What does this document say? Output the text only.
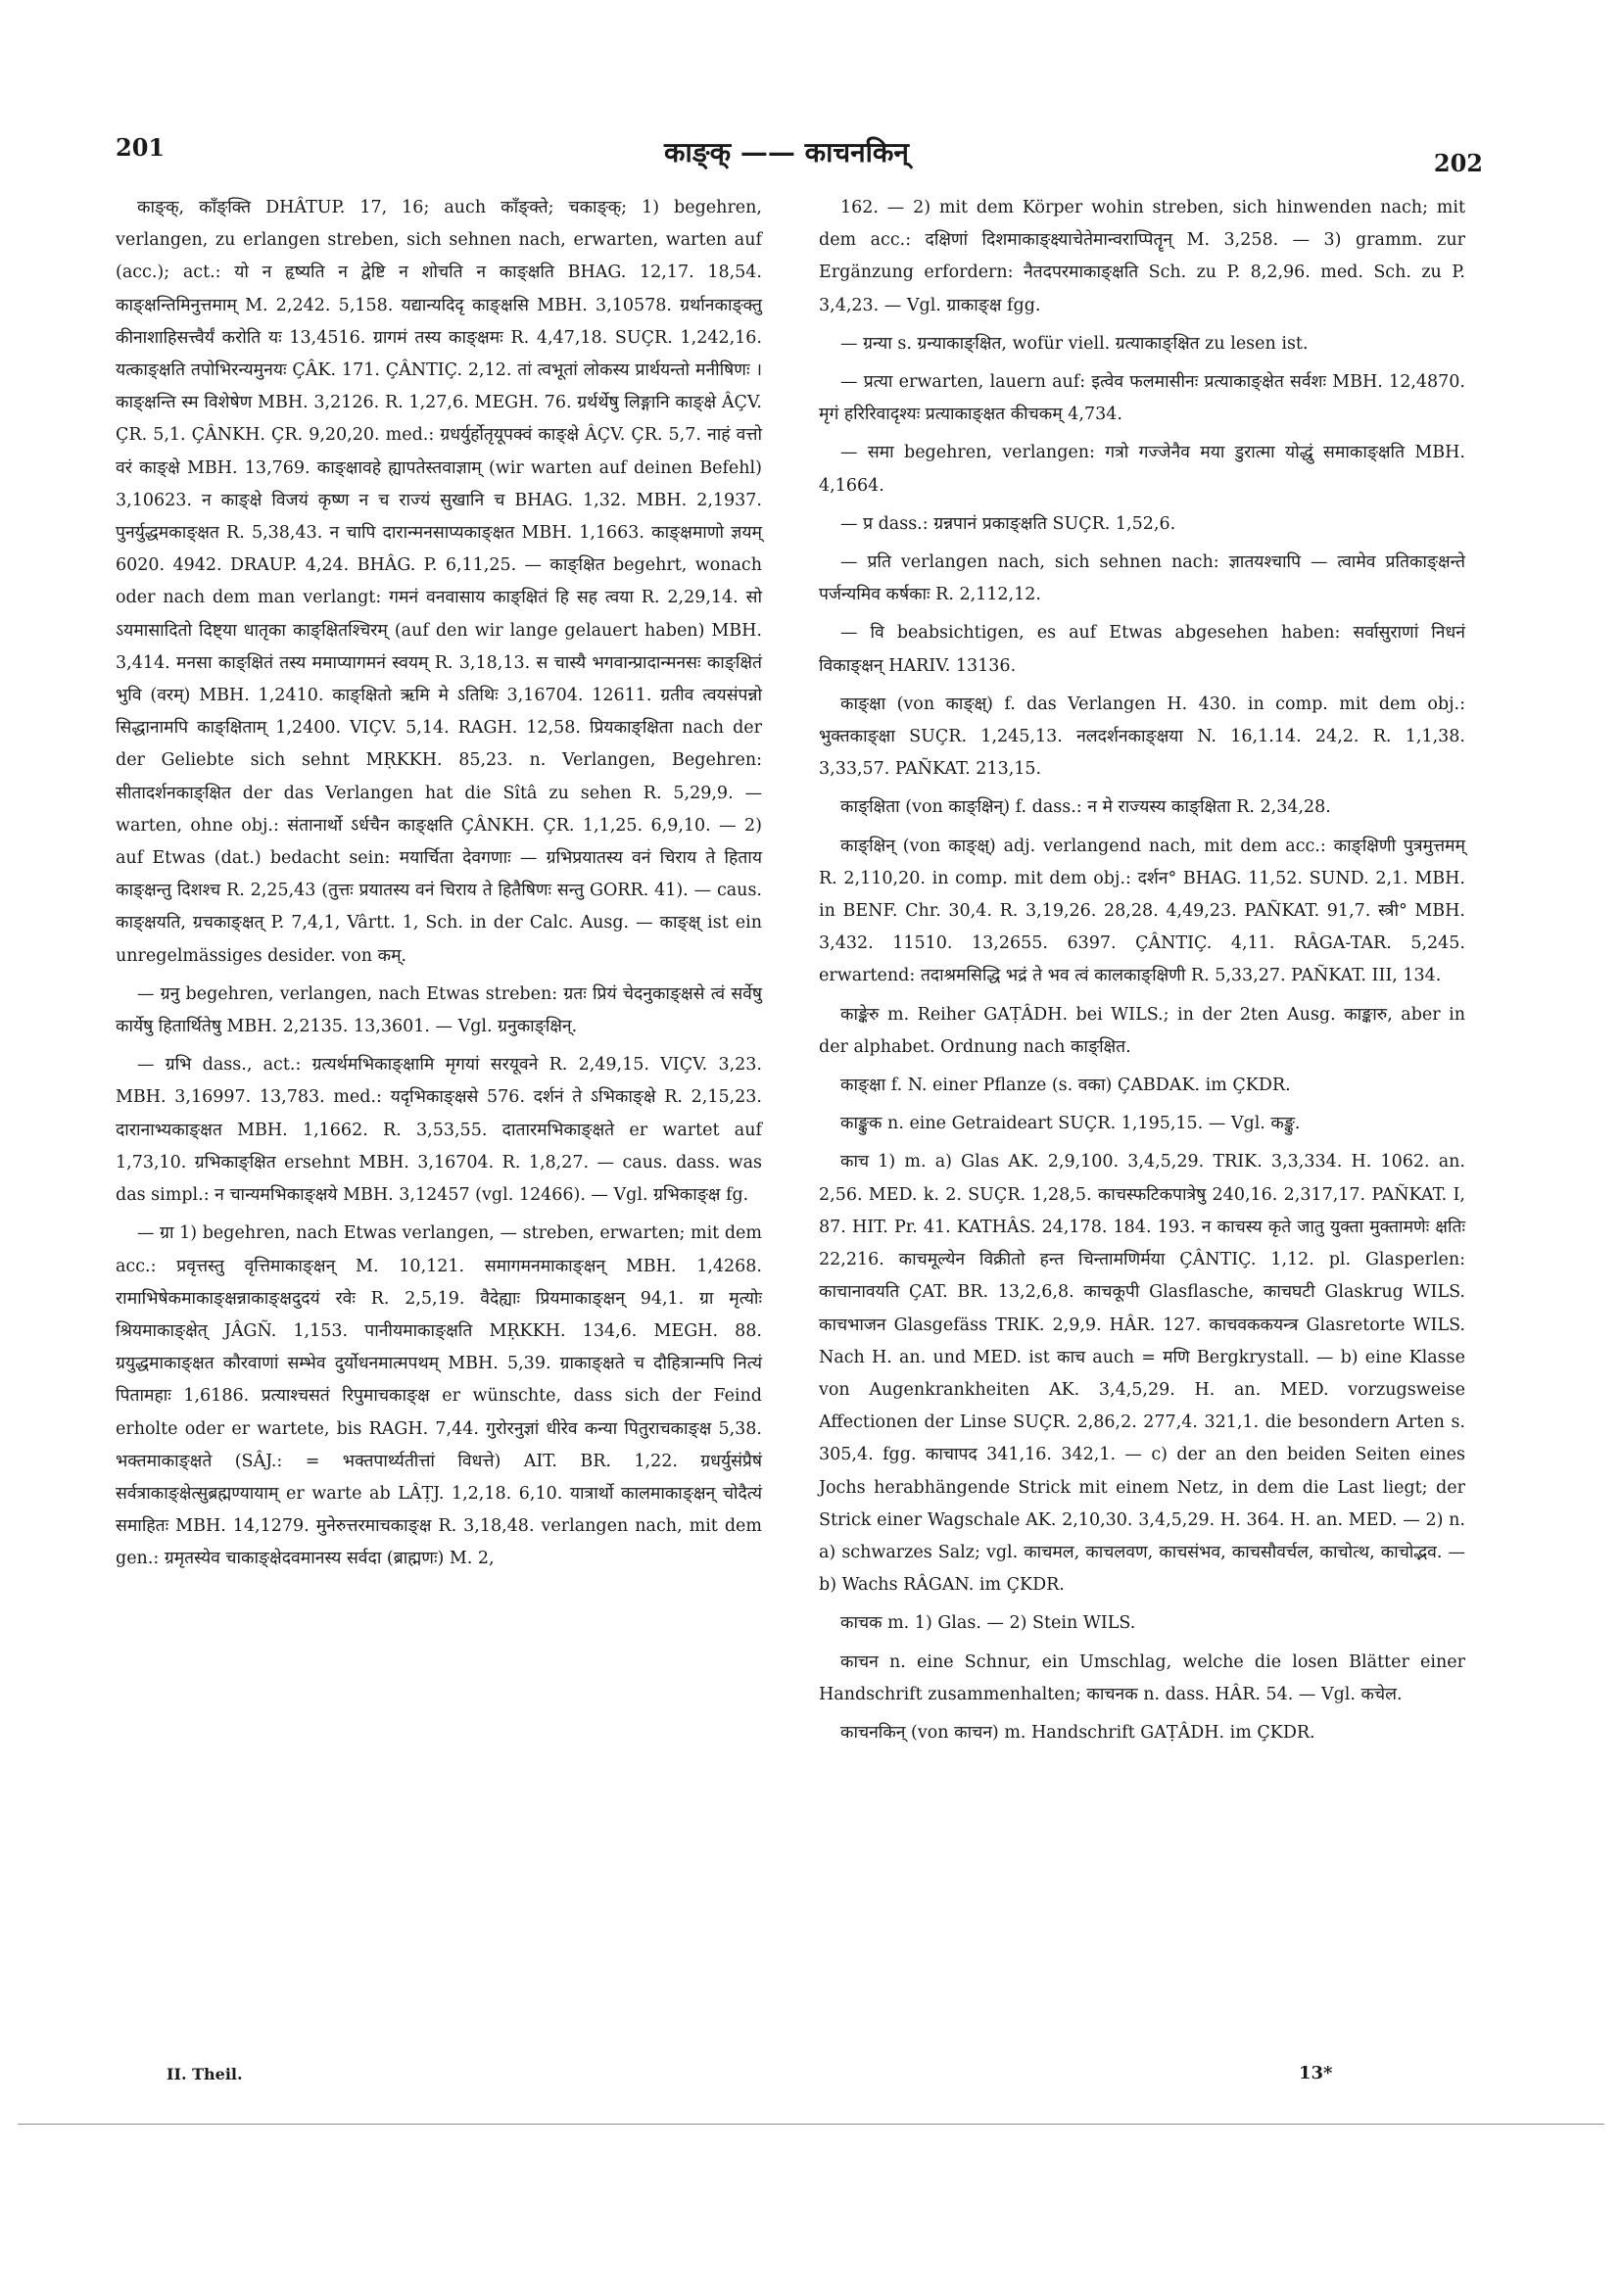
201	काङ्क् —— काचनकिन्	202

काङ्क्, काँङ्क्ति DHÂTUP. 17, 16; auch काँङ्क्ते; चकाङ्क्; 1) begehren, verlangen, zu erlangen streben, sich sehnen nach, erwarten, warten auf (acc.); act.: यो न हृष्यति न द्वेष्टि न शोचति न काङ्क्षति BHAG. 12,17. 18,54. काङ्क्षन्तिमिनुत्तमाम् M. 2,242. 5,158. यद्यान्यदिदृ काङ्क्षसि MBH. 3,10578. ग्रर्थानकाङ्क्तु कीनाशाहिसत्त्वैर्यं करोति यः 13,4516. ग्रागमं तस्य काङ्क्षमः R. 4,47,18. SUÇR. 1,242,16. यत्काङ्क्षति तपोभिरन्यमुनयः ÇÂK. 171. ÇÂNTIÇ. 2,12. तां त्वभूतां लोकस्य प्रार्थयन्तो मनीषिणः । काङ्क्षन्ति स्म विशेषेण MBH. 3,2126. R. 1,27,6. MEGH. 76. ग्रर्थर्थेषु लिङ्गानि काङ्क्षे ÂÇV. ÇR. 5,1. ÇÂNKH. ÇR. 9,20,20. med.: ग्रधर्युर्होतृयूपक्वं काङ्क्षे ÂÇV. ÇR. 5,7. नाहं वत्तो वरं काङ्क्षे MBH. 13,769. काङ्क्षावहे ह्यापतेस्तवाज्ञाम् (wir warten auf deinen Befehl) 3,10623. न काङ्क्षे विजयं कृष्ण न च राज्यं सुखानि च BHAG. 1,32. MBH. 2,1937. पुनर्युद्धमकाङ्क्षत R. 5,38,43. न चापि दारान्मनसाप्यकाङ्क्षत MBH. 1,1663. काङ्क्षमाणो ज्ञयम् 6020. 4942. DRAUP. 4,24. BHÂG. P. 6,11,25. — काङ्क्षित begehrt, wonach oder nach dem man verlangt: गमनं वनवासाय काङ्क्षितं हि सह त्वया R. 2,29,14. सो ऽयमासादितो दिष्ट्या धातृका काङ्क्षितश्चिरम् (auf den wir lange gelauert haben) MBH. 3,414. मनसा काङ्क्षितं तस्य ममाप्यागमनं स्वयम् R. 3,18,13. स चास्यै भगवान्प्रादान्मनसः काङ्क्षितं भुवि (वरम्) MBH. 1,2410. काङ्क्षितो ऋमि मे ऽतिथिः 3,16704. 12611. ग्रतीव त्वयसंपन्नो सिद्धानामपि काङ्क्षिताम् 1,2400. VIÇV. 5,14. RAGH. 12,58. प्रियकाङ्क्षिता nach der der Geliebte sich sehnt MṚKKH. 85,23. n. Verlangen, Begehren: सीतादर्शनकाङ्क्षित der das Verlangen hat die Sîtâ zu sehen R. 5,29,9. — warten, ohne obj.: संतानार्थो ऽर्धचैन काङ्क्षति ÇÂNKH. ÇR. 1,1,25. 6,9,10. — 2) auf Etwas (dat.) bedacht sein: मयार्चिता देवगणाः — ग्रभिप्रयातस्य वनं चिराय ते हिताय काङ्क्षन्तु दिशश्च R. 2,25,43 (तुत्तः प्रयातस्य वनं चिराय ते हितैषिणः सन्तु GORR. 41). — caus. काङ्क्षयति, ग्रचकाङ्क्षत् P. 7,4,1, Vârtt. 1, Sch. in der Calc. Ausg. — काङ्क्ष् ist ein unregelmässiges desider. von कम्.

— ग्रनु begehren, verlangen, nach Etwas streben: ग्रतः प्रियं चेदनुकाङ्क्षसे त्वं सर्वेषु कार्येषु हितार्थितेषु MBH. 2,2135. 13,3601. — Vgl. ग्रनुकाङ्क्षिन्.

— ग्रभि dass., act.: ग्रत्यर्थमभिकाङ्क्षामि मृगयां सरयूवने R. 2,49,15. VIÇV. 3,23. MBH. 3,16997. 13,783. med.: यदृभिकाङ्क्षसे 576. दर्शनं ते ऽभिकाङ्क्षे R. 2,15,23. दारानाभ्यकाङ्क्षत MBH. 1,1662. R. 3,53,55. दातारमभिकाङ्क्षते er wartet auf 1,73,10. ग्रभिकाङ्क्षित ersehnt MBH. 3,16704. R. 1,8,27. — caus. dass. was das simpl.: न चान्यमभिकाङ्क्षये MBH. 3,12457 (vgl. 12466). — Vgl. ग्रभिकाङ्क्ष fg.

— ग्रा 1) begehren, nach Etwas verlangen, — streben, erwarten; mit dem acc.: प्रवृत्तस्तु वृत्तिमाकाङ्क्षन् M. 10,121. समागमनमाकाङ्क्षन् MBH. 1,4268. रामाभिषेकमाकाङ्क्षन्नाकाङ्क्षदुदयं रवेः R. 2,5,19. वैदेह्याः प्रियमाकाङ्क्षन् 94,1. ग्रा मृत्योः श्रियमाकाङ्क्षेत् JÂGÑ. 1,153. पानीयमाकाङ्क्षति MṚKKH. 134,6. MEGH. 88. ग्रयुद्धमाकाङ्क्षत कौरवाणां सम्भेव दुर्योधनमात्मपथम् MBH. 5,39. ग्राकाङ्क्षते च दौहित्रान्मपि नित्यं पितामहाः 1,6186. प्रत्याश्चसतं रिपुमाचकाङ्क्ष er wünschte, dass sich der Feind erholte oder er wartete, bis RAGH. 7,44. गुरोरनुज्ञां धीरेव कन्या पितुराचकाङ्क्ष 5,38. भक्तमाकाङ्क्षते (SÂJ.: = भक्तपार्थ्यतीत्तां विधत्ते) AIT. BR. 1,22. ग्रधर्युसंप्रैषं सर्वत्राकाङ्क्षेत्सुब्रह्मण्यायाम् er warte ab LÂṬJ. 1,2,18. 6,10. यात्रार्थो कालमाकाङ्क्षन् चोदैत्यं समाहितः MBH. 14,1279. मुनेरुत्तरमाचकाङ्क्ष R. 3,18,48. verlangen nach, mit dem gen.: ग्रमृतस्येव चाकाङ्क्षेदवमानस्य सर्वदा (ब्राह्मणः) M. 2,

162. — 2) mit dem Körper wohin streben, sich hinwenden nach; mit dem acc.: दक्षिणां दिशमाकाङ्क्ष्याचेतेमान्वराप्पितॄन् M. 3,258. — 3) gramm. zur Ergänzung erfordern: नैतदपरमाकाङ्क्षति Sch. zu P. 8,2,96. med. Sch. zu P. 3,4,23. — Vgl. ग्राकाङ्क्ष fgg.

— ग्रन्या s. ग्रन्याकाङ्क्षित, wofür viell. ग्रत्याकाङ्क्षित zu lesen ist.

— प्रत्या erwarten, lauern auf: इत्वेव फलमासीनः प्रत्याकाङ्क्षेत सर्वशः MBH. 12,4870. मृगं हरिरिवादृश्यः प्रत्याकाङ्क्षत कीचकम् 4,734.

— समा begehren, verlangen: गत्रो गज्जेनैव मया डुरात्मा योद्धुं समाकाङ्क्षति MBH. 4,1664.

— प्र dass.: ग्रन्नपानं प्रकाङ्क्षति SUÇR. 1,52,6.

— प्रति verlangen nach, sich sehnen nach: ज्ञातयश्चापि — त्वामेव प्रतिकाङ्क्षन्ते पर्जन्यमिव कर्षकाः R. 2,112,12.

— वि beabsichtigen, es auf Etwas abgesehen haben: सर्वासुराणां निधनं विकाङ्क्षन् HARIV. 13136.

काङ्क्षा (von काङ्क्ष्) f. das Verlangen H. 430. in comp. mit dem obj.: भुक्तकाङ्क्षा SUÇR. 1,245,13. नलदर्शनकाङ्क्षया N. 16,1.14. 24,2. R. 1,1,38. 3,33,57. PAÑKAT. 213,15.

काङ्क्षिता (von काङ्क्षिन्) f. dass.: न मे राज्यस्य काङ्क्षिता R. 2,34,28.

काङ्क्षिन् (von काङ्क्ष्) adj. verlangend nach, mit dem acc.: काङ्क्षिणी पुत्रमुत्तमम् R. 2,110,20. in comp. mit dem obj.: दर्शन° BHAG. 11,52. SUND. 2,1. MBH. in BENF. Chr. 30,4. R. 3,19,26. 28,28. 4,49,23. PAÑKAT. 91,7. स्त्री° MBH. 3,432. 11510. 13,2655. 6397. ÇÂNTIÇ. 4,11. RÂGA-TAR. 5,245. erwartend: तदाश्रमसिद्धि भद्रं ते भव त्वं कालकाङ्क्षिणी R. 5,33,27. PAÑKAT. III, 134.

काङ्केरु m. Reiher GAṬÂDH. bei WILS.; in der 2ten Ausg. काङ्कारु, aber in der alphabet. Ordnung nach काङ्क्षित.

काङ्क्षा f. N. einer Pflanze (s. वका) ÇABDAK. im ÇKDR.

काङ्कुक n. eine Getraideart SUÇR. 1,195,15. — Vgl. कङ्कु.

काच 1) m. a) Glas AK. 2,9,100. 3,4,5,29. TRIK. 3,3,334. H. 1062. an. 2,56. MED. k. 2. SUÇR. 1,28,5. काचस्फटिकपात्रेषु 240,16. 2,317,17. PAÑKAT. I, 87. HIT. Pr. 41. KATHÂS. 24,178. 184. 193. न काचस्य कृते जातु युक्ता मुक्तामणेः क्षतिः 22,216. काचमूल्येन विक्रीतो हन्त चिन्तामणिर्मया ÇÂNTIÇ. 1,12. pl. Glasperlen: काचानावयति ÇAT. BR. 13,2,6,8. काचकूपी Glasflasche, काचघटी Glaskrug WILS. काचभाजन Glasgefäss TRIK. 2,9,9. HÂR. 127. काचवककयन्त्र Glasretorte WILS. Nach H. an. und MED. ist काच auch = मणि Bergkrystall. — b) eine Klasse von Augenkrankheiten AK. 3,4,5,29. H. an. MED. vorzugsweise Affectionen der Linse SUÇR. 2,86,2. 277,4. 321,1. die besondern Arten s. 305,4. fgg. काचापद 341,16. 342,1. — c) der an den beiden Seiten eines Jochs herabhängende Strick mit einem Netz, in dem die Last liegt; der Strick einer Wagschale AK. 2,10,30. 3,4,5,29. H. 364. H. an. MED. — 2) n. a) schwarzes Salz; vgl. काचमल, काचलवण, काचसंभव, काचसौवर्चल, काचोत्थ, काचोद्भव. — b) Wachs RÂGAN. im ÇKDR.

काचक m. 1) Glas. — 2) Stein WILS.

काचन n. eine Schnur, ein Umschlag, welche die losen Blätter einer Handschrift zusammenhalten; काचनक n. dass. HÂR. 54. — Vgl. कचेल.

काचनकिन् (von काचन) m. Handschrift GAṬÂDH. im ÇKDR.

II. Theil.	13*
